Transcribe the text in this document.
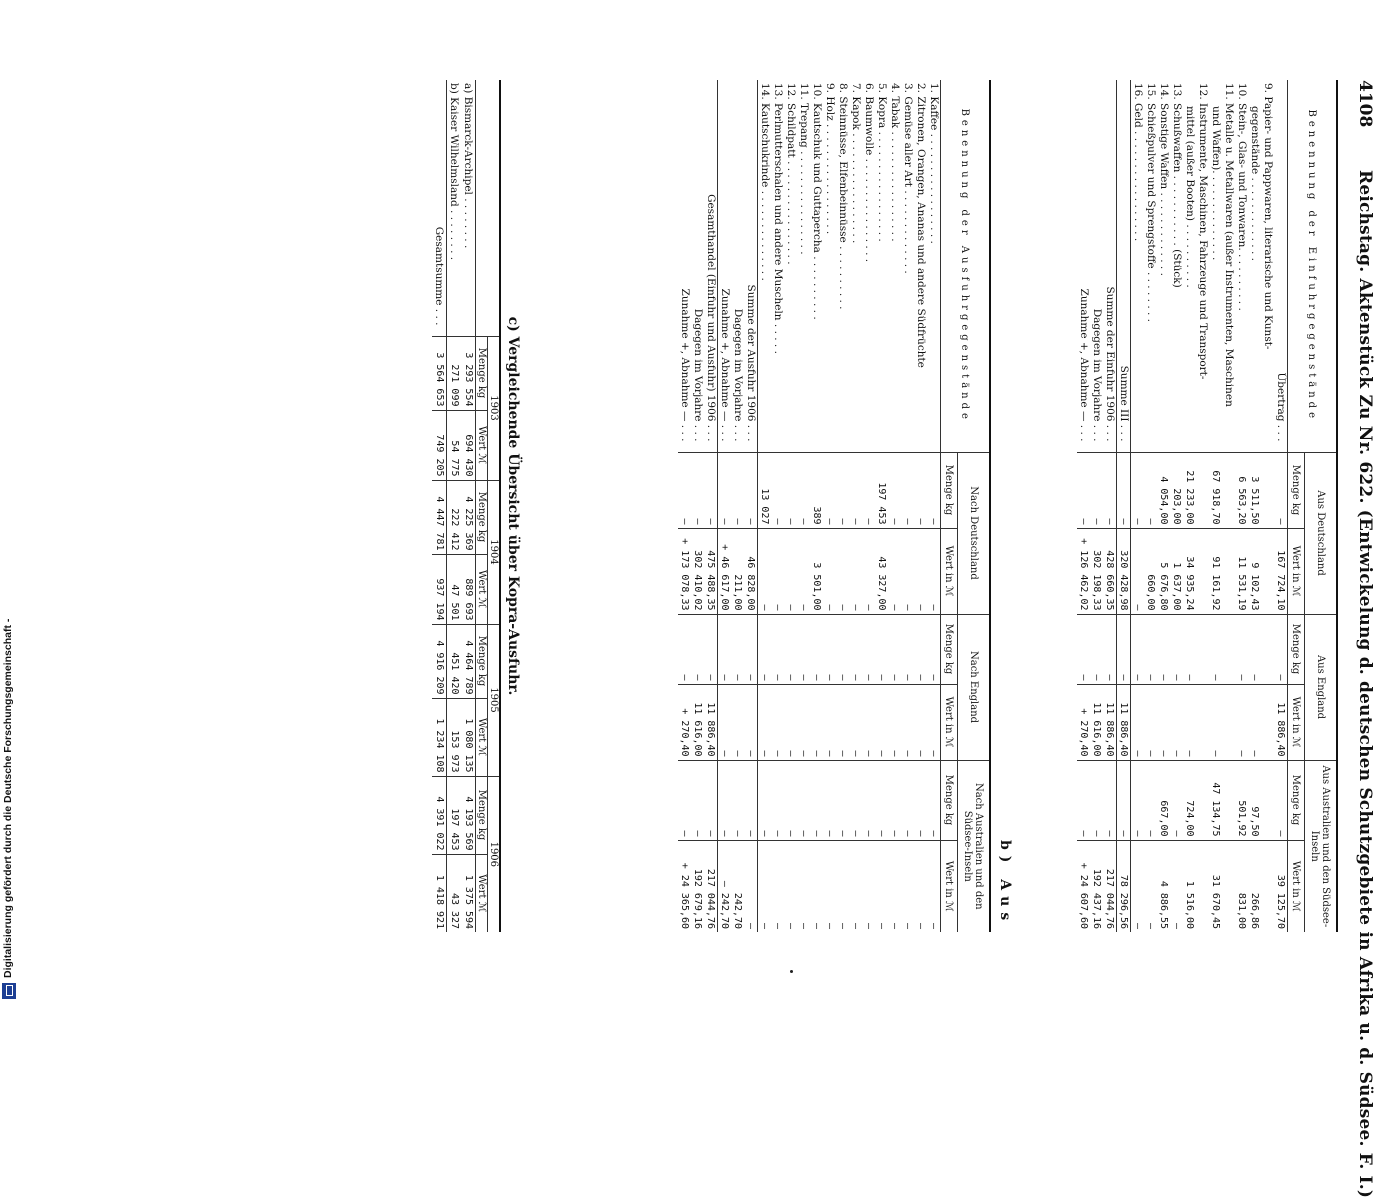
4108
Reichstag. Aktenstück Zu Nr. 622. (Entwickelung d. deutschen Schutzgebiete in Afrika u. d. Südsee. F. I.)
Benennung der Einfuhrgegenstände	Aus Deutschland		Aus England		Aus Australien und den Südsee-Inseln	
	Menge kg	Wert in ℳ	Menge kg	Wert in ℳ	Menge kg	Wert in ℳ
Übertrag . . .	—	167 724,10	—	11 886,40	—	39 125,70
9. Papier- und Pappwaren, literarische und Kunst-						
gegenstände . . . . . . . . . . . . .	3 511,50	9 102,43	—	—	97,50	266,86
10. Stein-, Glas- und Tonwaren. . . . . . . . . .	6 563,20	11 531,19	—	—	501,92	831,00
11. Metalle u. Metallwaren (außer Instrumenten, Maschinen						
und Waffen). . . . . . . . . . . . . .	67 918,70	91 161,92	—	—	47 134,75	31 670,45
12. Instrumente, Maschinen, Fahrzeuge und Transport-						
mittel (außer Booten) . . . . . . . . . .	21 233,00	34 935,24	—	—	724,00	1 516,00
13. Schußwaffen . . . . . . . . . . . (Stück)	203,00	1 637,00	—	—	—	—
14. Sonstige Waffen . . . . . . . . . . . . .	4 054,00	5 676,80	—	—	667,00	4 886,55
15. Schießpulver und Sprengstoffe . . . . . . . .	—	660,00	—	—	—	—
16. Geld . . . . . . . . . . . . . . . . .	—	—	—	—	—	—
Summe III . . .	—	320 428,98	—	11 886,40	—	78 296,56
Summe der Einfuhr 1906 . . .	—	428 660,35	—	11 886,40	—	217 044,76
Dagegen im Vorjahre . . .	—	302 198,33	—	11 616,00	—	192 437,16
Zunahme +, Abnahme — . . .	—	+ 126 462,02	—	+ 270,40	—	+ 24 607,60
b) Aus
Benennung der Ausfuhrgegenstände	Nach Deutschland		Nach England		Nach Australien und den Südsee-Inseln	
	Menge kg	Wert in ℳ	Menge kg	Wert in ℳ	Menge kg	Wert in ℳ
1. Kaffee . . . . . . . . . . . . . . . . .	—	—	—	—	—	—
2. Zitronen, Orangen, Ananas und andere Südfrüchte	—	—	—	—	—	—
3. Gemüse aller Art . . . . . . . . . . . . .	—	—	—	—	—	—
4. Tabak . . . . . . . . . . . . . . . . .	—	—	—	—	—	—
5. Kopra . . . . . . . . . . . . . . . . .	197 453	43 327,00	—	—	—	—
6. Baumwolle . . . . . . . . . . . . . . . .	—	—	—	—	—	—
7. Kapok . . . . . . . . . . . . . . . . .	—	—	—	—	—	—
8. Steinnüsse, Elfenbeinnüsse . . . . . . . . . .	—	—	—	—	—	—
9. Holz . . . . . . . . . . . . . . . . .	—	—	—	—	—	—
10. Kautschuk und Guttapercha . . . . . . . . . .	389	3 501,00	—	—	—	—
11. Trepang . . . . . . . . . . . . . . . .	—	—	—	—	—	—
12. Schildpatt . . . . . . . . . . . . . . . .	—	—	—	—	—	—
13. Perlmutterschalen und andere Muscheln . . . . .	—	—	—	—	—	—
14. Kautschukrinde . . . . . . . . . . . . . .	13 027	—	—	—	—	—
Summe der Ausfuhr 1906 . . .	—	46 828,00	—	—	—	—
Dagegen im Vorjahre . . .	—	211,00	—	—	—	242,70
Zunahme +, Abnahme — . . .	—	+ 46 617,00	—	—	—	— 242,70
Gesamthandel (Einfuhr und Ausfuhr) 1906 . . .	—	475 488,35	—	11 886,40	—	217 044,76
Dagegen im Vorjahre . . .	—	302 410,02	—	11 616,00	—	192 679,16
Zunahme +, Abnahme — . . .	—	+ 173 078,33	—	+ 270,40	—	+ 24 365,60
c) Vergleichende Übersicht über Kopra-Ausfuhr.
	1903		1904		1905		1906	
	Menge kg	Wert ℳ	Menge kg	Wert ℳ	Menge kg	Wert ℳ	Menge kg	Wert ℳ
a) Bismarck-Archipel . . . . . . . .	3 293 554	694 430	4 225 369	889 693	4 464 789	1 080 135	4 193 569	1 375 594
b) Kaiser Wilhelmsland . . . . . . . .	271 099	54 775	222 412	47 501	451 420	153 973	197 453	43 327
Gesamtsumme . . .	3 564 653	749 205	4 447 781	937 194	4 916 209	1 234 108	4 391 022	1 418 921
Digitalisierung gefördert durch die Deutsche Forschungsgemeinschaft -
